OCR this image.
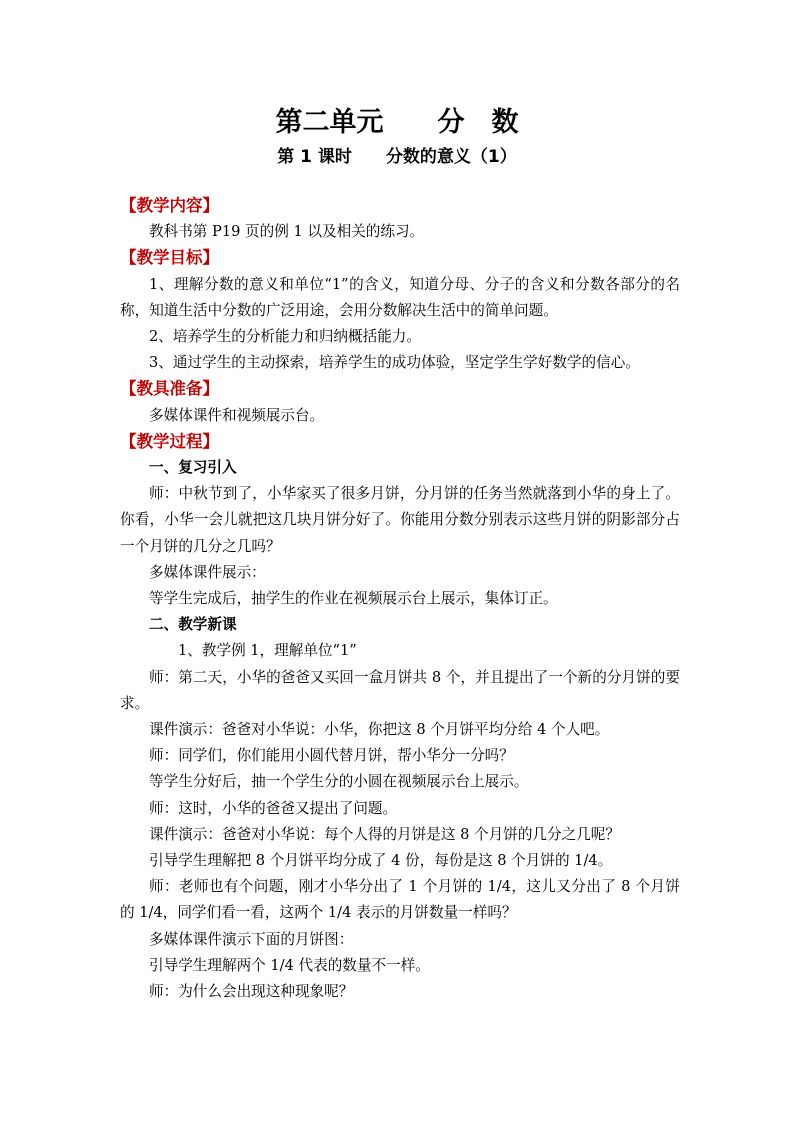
第二单元　　分　数
第 1 课时　　分数的意义（1）

【教学内容】

教科书第 P19 页的例 1 以及相关的练习。

【教学目标】

1、理解分数的意义和单位“1”的含义，知道分母、分子的含义和分数各部分的名称，知道生活中分数的广泛用途，会用分数解决生活中的简单问题。

2、培养学生的分析能力和归纳概括能力。

3、通过学生的主动探索，培养学生的成功体验，坚定学生学好数学的信心。

【教具准备】

多媒体课件和视频展示台。

【教学过程】

一、复习引入

师：中秋节到了，小华家买了很多月饼，分月饼的任务当然就落到小华的身上了。你看，小华一会儿就把这几块月饼分好了。你能用分数分别表示这些月饼的阴影部分占一个月饼的几分之几吗？

多媒体课件展示：

等学生完成后，抽学生的作业在视频展示台上展示，集体订正。

二、教学新课

1、教学例 1，理解单位“1”

师：第二天，小华的爸爸又买回一盒月饼共 8 个，并且提出了一个新的分月饼的要求。

课件演示：爸爸对小华说：小华，你把这 8 个月饼平均分给 4 个人吧。

师：同学们，你们能用小圆代替月饼，帮小华分一分吗？

等学生分好后，抽一个学生分的小圆在视频展示台上展示。

师：这时，小华的爸爸又提出了问题。

课件演示：爸爸对小华说：每个人得的月饼是这 8 个月饼的几分之几呢？

引导学生理解把 8 个月饼平均分成了 4 份，每份是这 8 个月饼的 1/4。

师：老师也有个问题，刚才小华分出了 1 个月饼的 1/4，这儿又分出了 8 个月饼的 1/4，同学们看一看，这两个 1/4 表示的月饼数量一样吗？

多媒体课件演示下面的月饼图：

引导学生理解两个 1/4 代表的数量不一样。

师：为什么会出现这种现象呢？
